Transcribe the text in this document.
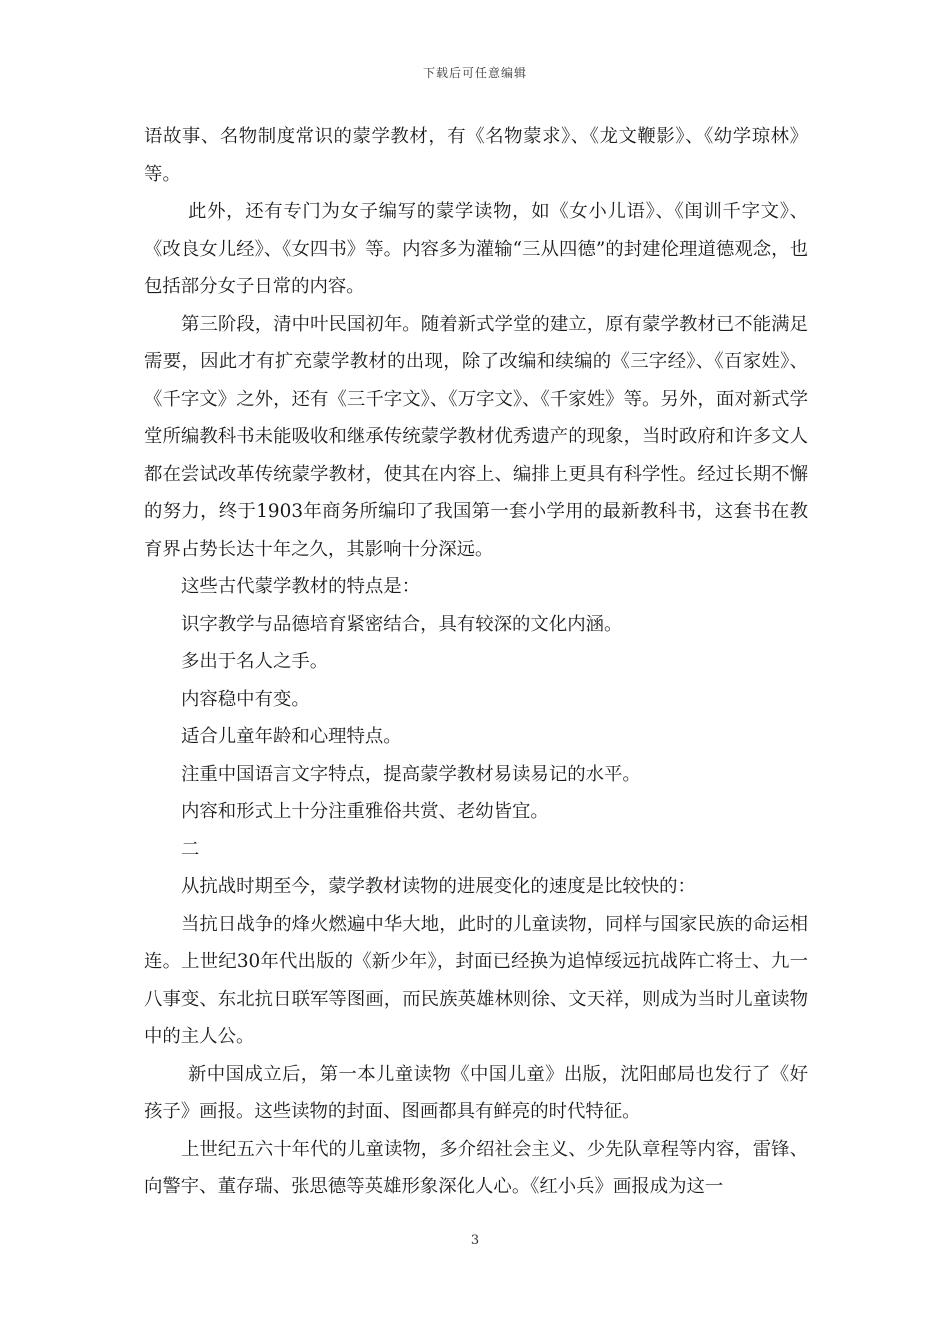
下载后可任意编辑

语故事、名物制度常识的蒙学教材，有《名物蒙求》、《龙文鞭影》、《幼学琼林》等。

此外，还有专门为女子编写的蒙学读物，如《女小儿语》、《闺训千字文》、《改良女儿经》、《女四书》等。内容多为灌输“三从四德”的封建伦理道德观念，也包括部分女子日常的内容。

第三阶段，清中叶民国初年。随着新式学堂的建立，原有蒙学教材已不能满足需要，因此才有扩充蒙学教材的出现，除了改编和续编的《三字经》、《百家姓》、《千字文》之外，还有《三千字文》、《万字文》、《千家姓》等。另外，面对新式学堂所编教科书未能吸收和继承传统蒙学教材优秀遗产的现象，当时政府和许多文人都在尝试改革传统蒙学教材，使其在内容上、编排上更具有科学性。经过长期不懈的努力，终于1903年商务所编印了我国第一套小学用的最新教科书，这套书在教育界占势长达十年之久，其影响十分深远。

这些古代蒙学教材的特点是：

识字教学与品德培育紧密结合，具有较深的文化内涵。

多出于名人之手。

内容稳中有变。

适合儿童年龄和心理特点。

注重中国语言文字特点，提高蒙学教材易读易记的水平。

内容和形式上十分注重雅俗共赏、老幼皆宜。

二

从抗战时期至今，蒙学教材读物的进展变化的速度是比较快的：

当抗日战争的烽火燃遍中华大地，此时的儿童读物，同样与国家民族的命运相连。上世纪30年代出版的《新少年》，封面已经换为追悼绥远抗战阵亡将士、九一八事变、东北抗日联军等图画，而民族英雄林则徐、文天祥，则成为当时儿童读物中的主人公。

新中国成立后，第一本儿童读物《中国儿童》出版，沈阳邮局也发行了《好孩子》画报。这些读物的封面、图画都具有鲜亮的时代特征。

上世纪五六十年代的儿童读物，多介绍社会主义、少先队章程等内容，雷锋、向警宇、董存瑞、张思德等英雄形象深化人心。《红小兵》画报成为这一

3
